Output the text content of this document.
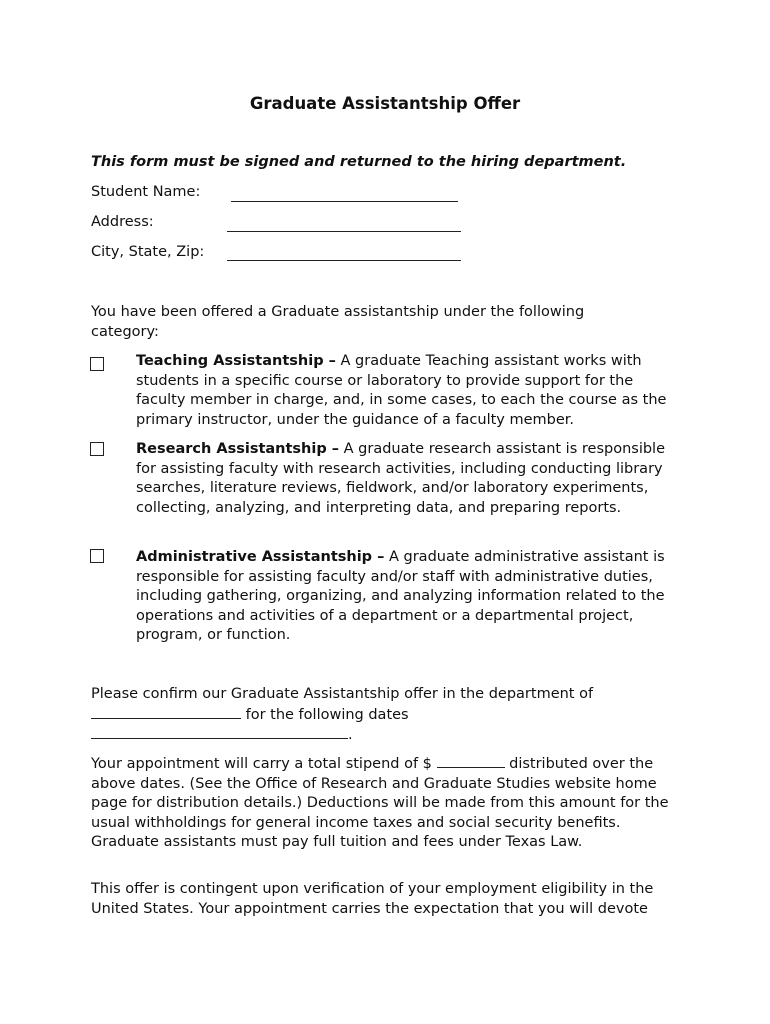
Graduate Assistantship Offer
This form must be signed and returned to the hiring department.
Student Name:
Address:
City, State, Zip:
You have been offered a Graduate assistantship under the following category:
Teaching Assistantship – A graduate Teaching assistant works with students in a specific course or laboratory to provide support for the faculty member in charge, and, in some cases, to each the course as the primary instructor, under the guidance of a faculty member.
Research Assistantship – A graduate research assistant is responsible for assisting faculty with research activities, including conducting library searches, literature reviews, fieldwork, and/or laboratory experiments, collecting, analyzing, and interpreting data, and preparing reports.
Administrative Assistantship – A graduate administrative assistant is responsible for assisting faculty and/or staff with administrative duties, including gathering, organizing, and analyzing information related to the operations and activities of a department or a departmental project, program, or function.
Please confirm our Graduate Assistantship offer in the department of
for the following dates
.
Your appointment will carry a total stipend of $	distributed over the above dates. (See the Office of Research and Graduate Studies website home page for distribution details.) Deductions will be made from this amount for the usual withholdings for general income taxes and social security benefits. Graduate assistants must pay full tuition and fees under Texas Law.
This offer is contingent upon verification of your employment eligibility in the United States. Your appointment carries the expectation that you will devote
